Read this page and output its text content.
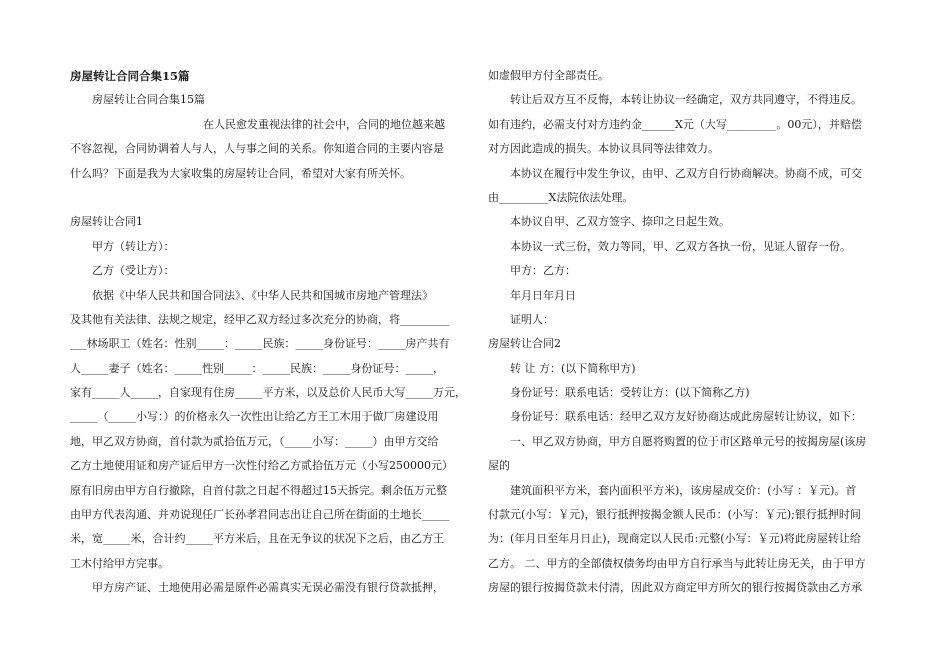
房屋转让合同合集15篇
房屋转让合同合集15篇
在人民愈发重视法律的社会中，合同的地位越来越
不容忽视，合同协调着人与人，人与事之间的关系。你知道合同的主要内容是
什么吗？下面是我为大家收集的房屋转让合同，希望对大家有所关怀。
房屋转让合同1
甲方（转让方）：
乙方（受让方）：
依据《中华人民共和国合同法》、《中华人民共和国城市房地产管理法》
及其他有关法律、法规之规定，经甲乙双方经过多次充分的协商，将_________
___林场职工（姓名：性别_____：_____民族：_____身份证号：_____房产共有
人_____妻子（姓名：_____性别_____：_____民族：_____身份证号：_____，
家有_____人_____，自家现有住房_____平方米，以及总价人民币大写_____万元，
_____（_____小写：）的价格永久一次性出让给乙方王工木用于做厂房建设用
地，甲乙双方协商，首付款为贰拾伍万元，（_____小写：_____）由甲方交给
乙方土地使用证和房产证后甲方一次性付给乙方贰拾伍万元（小写250000元）
原有旧房由甲方自行撤除，自首付款之日起不得超过15天拆完。剩余伍万元整
由甲方代表沟通、并劝说现任厂长孙孝君同志出让自己所在街面的土地长_____
米，宽_____米，合计约_____平方米后，且在无争议的状况下之后，由乙方王
工木付给甲方完事。
甲方房产证、土地使用必需是原件必需真实无误必需没有银行贷款抵押，
如虚假甲方付全部责任。
转让后双方互不反悔，本转让协议一经确定，双方共同遵守，不得违反。
如有违约，必需支付对方违约金______X元（大写_________。00元），并赔偿
对方因此造成的损失。本协议具同等法律效力。
本协议在履行中发生争议，由甲、乙双方自行协商解决。协商不成，可交
由_________X法院依法处理。
本协议自甲、乙双方签字、捺印之日起生效。
本协议一式三份，效力等同，甲、乙双方各执一份，见证人留存一份。
甲方：乙方：
年月日年月日
证明人：
房屋转让合同2
转 让 方：(以下简称甲方)
身份证号：联系电话：受转让方：(以下简称乙方)
身份证号：联系电话：经甲乙双方友好协商达成此房屋转让协议，如下：
一、甲乙双方协商，甲方自愿将购置的位于市区路单元号的按揭房屋(该房
屋的
建筑面积平方米，套内面积平方米)，该房屋成交价：(小写 ：￥元)。首
付款元(小写：￥元)，银行抵押按揭金额人民币：(小写：￥元);银行抵押时间
为：(年月日至年月日止)，现商定以人民币:元整(小写：￥元)将此房屋转让给
乙方。 二、甲方的全部债权债务均由甲方自行承当与此转让房无关，由于甲方
房屋的银行按揭贷款未付清，因此双方商定甲方所欠的银行按揭贷款由乙方承
